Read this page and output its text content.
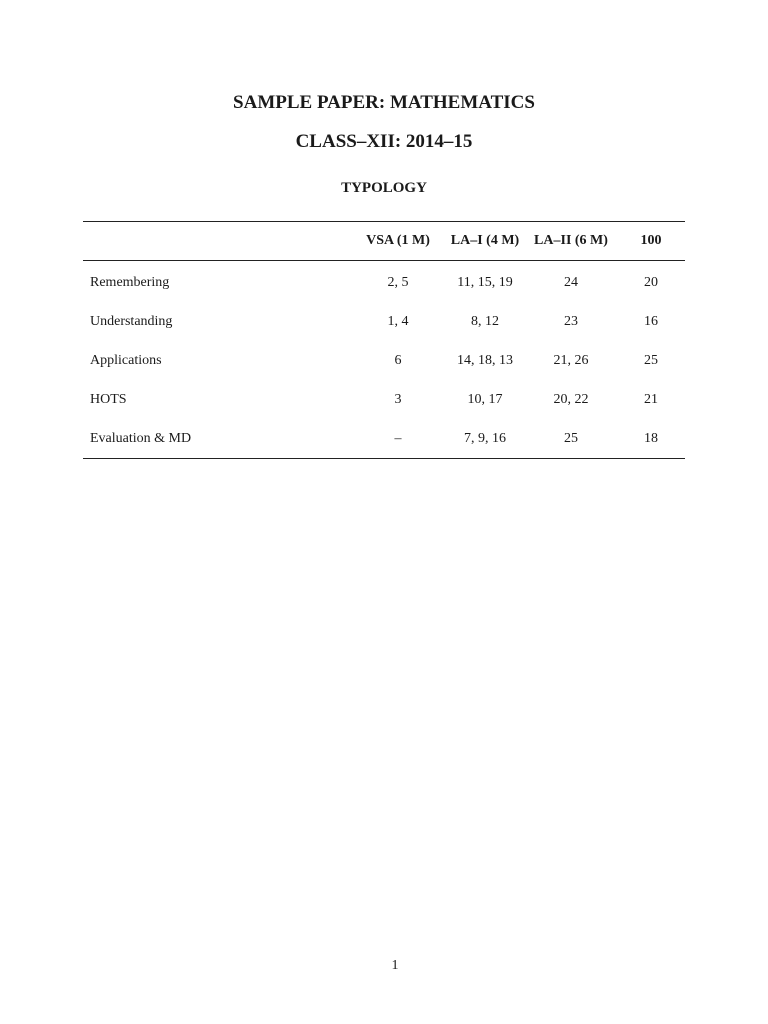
SAMPLE PAPER: MATHEMATICS
CLASS–XII: 2014–15
TYPOLOGY
	VSA (1 M)	LA–I (4 M)	LA–II (6 M)	100
Remembering	2, 5	11, 15, 19	24	20
Understanding	1, 4	8, 12	23	16
Applications	6	14, 18, 13	21, 26	25
HOTS	3	10, 17	20, 22	21
Evaluation & MD	–	7, 9, 16	25	18
1
